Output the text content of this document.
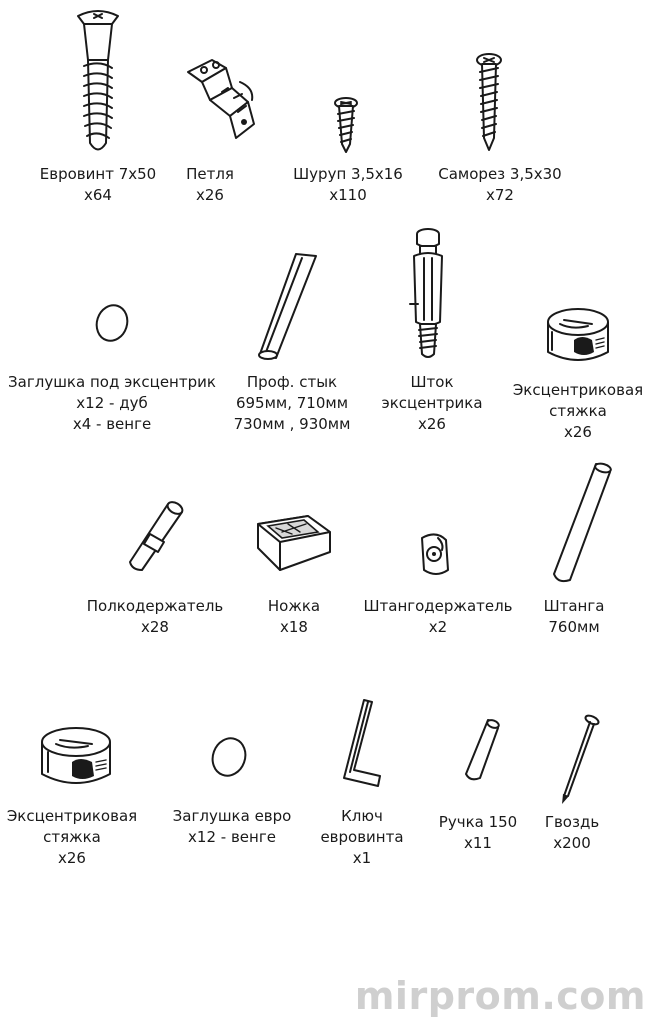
Евровинт 7х50
х64
Петля
х26
Шуруп 3,5х16
х110
Саморез 3,5х30
х72
Заглушка под эксцентрик
х12 - дуб
х4 - венге
Проф. стык
695мм, 710мм
730мм , 930мм
Шток
эксцентрика
х26
Эксцентриковая
стяжка
х26
Полкодержатель
х28
Ножка
х18
Штангодержатель
х2
Штанга
760мм
Эксцентриковая
стяжка
х26
Заглушка евро
х12 - венге
Ключ
евровинта
х1
Ручка 150
х11
Гвоздь
х200
mirprom.com
